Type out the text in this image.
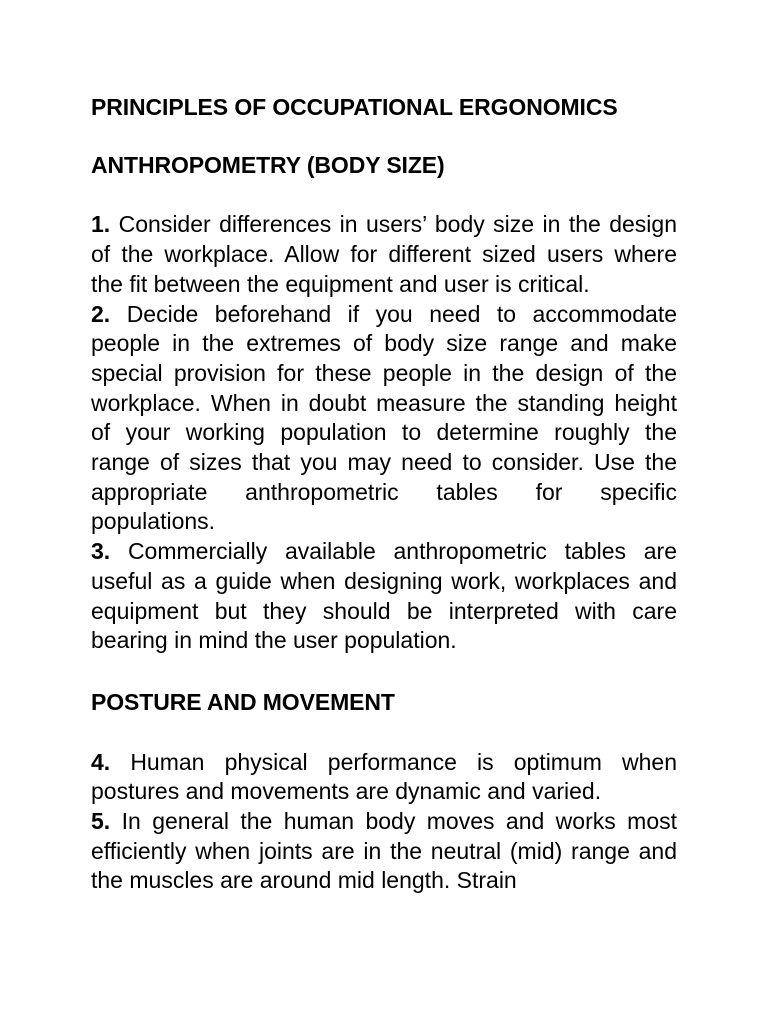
PRINCIPLES OF OCCUPATIONAL ERGONOMICS
ANTHROPOMETRY (BODY SIZE)

1. Consider differences in users’ body size in the design of the workplace. Allow for different sized users where the fit between the equipment and user is critical.

2. Decide beforehand if you need to accommodate people in the extremes of body size range and make special provision for these people in the design of the workplace. When in doubt measure the standing height of your working population to determine roughly the range of sizes that you may need to consider. Use the appropriate anthropometric tables for specific populations.

3. Commercially available anthropometric tables are useful as a guide when designing work, workplaces and equipment but they should be interpreted with care bearing in mind the user population.

POSTURE AND MOVEMENT

4. Human physical performance is optimum when postures and movements are dynamic and varied.

5. In general the human body moves and works most efficiently when joints are in the neutral (mid) range and the muscles are around mid length. Strain
